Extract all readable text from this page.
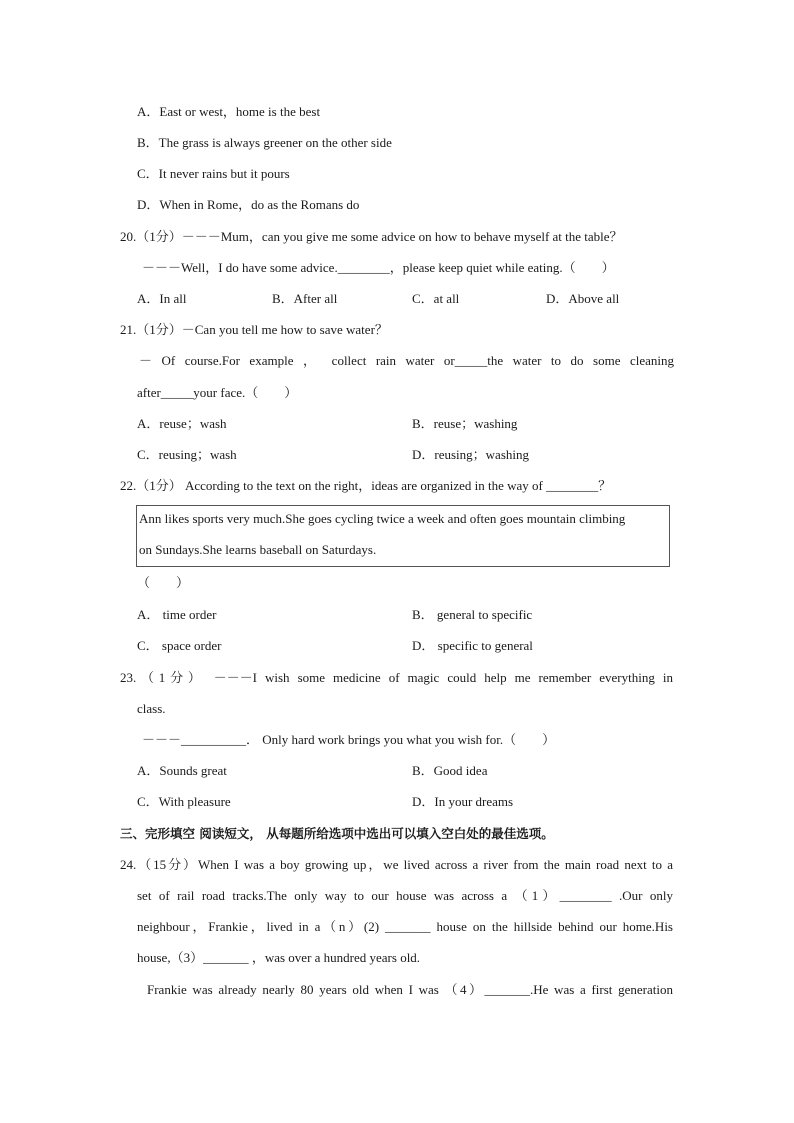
A．East or west，home is the best
B．The grass is always greener on the other side
C．It never rains but it pours
D．When in Rome，do as the Romans do
20.（1分）－－－Mum，can you give me some advice on how to behave myself at the table？
－－－Well，I do have some advice.________，please keep quiet while eating.（　　）
A．In all	B．After all	C．at all	D．Above all
21.（1分）－Can you tell me how to save water？
－ Of course.For example ， collect rain water or_____the water to do some cleaning
after_____your face.（　　）
A．reuse；wash	B．reuse；washing
C．reusing；wash	D．reusing；washing
22.（1分） According to the text on the right，ideas are organized in the way of ________？
Ann likes sports very much.She goes cycling twice a week and often goes mountain climbing
on Sundays.She learns baseball on Saturdays.
（　　）
A． time order	B． general to specific
C． space order	D． specific to general
23.（1分） －－－I wish some medicine of magic could help me remember everything in
class.
－－－__________． Only hard work brings you what you wish for.（　　）
A．Sounds great	B．Good idea
C．With pleasure	D．In your dreams
三、完形填空 阅读短文， 从每题所给选项中选出可以填入空白处的最佳选项。
24.（15分）When I was a boy growing up，we lived across a river from the main road next to a
set of rail road tracks.The only way to our house was across a （1）________ .Our only
neighbour，Frankie，lived in a（n）(2) _______ house on the hillside behind our home.His
house,（3）_______ ，was over a hundred years old.
Frankie was already nearly 80 years old when I was （4）_______.He was a first generation
